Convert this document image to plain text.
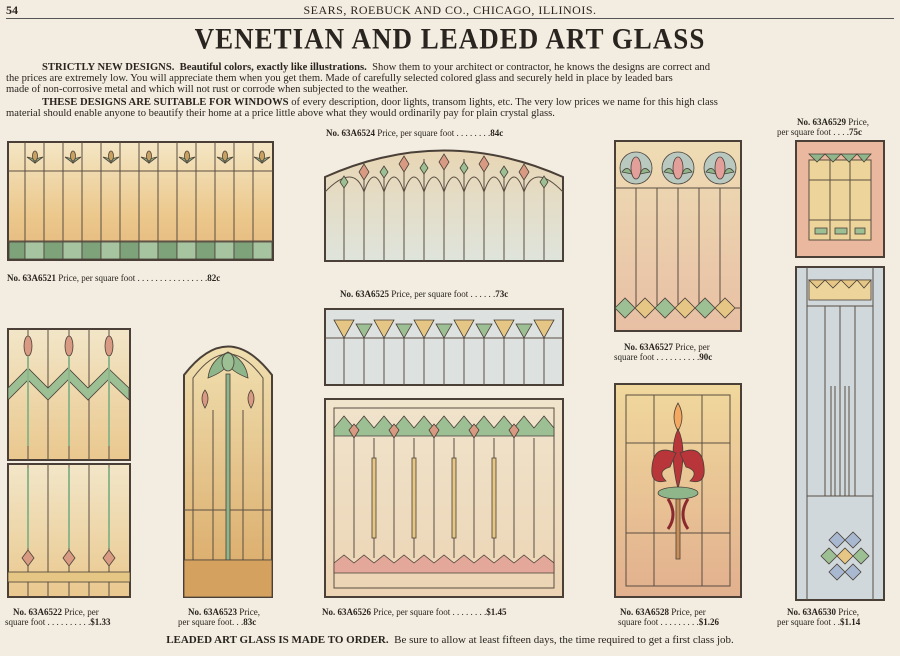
54	SEARS, ROEBUCK AND CO., CHICAGO, ILLINOIS.
VENETIAN AND LEADED ART GLASS
STRICTLY NEW DESIGNS. Beautiful colors, exactly like illustrations. Show them to your architect or contractor, he knows the designs are correct and
the prices are extremely low. You will appreciate them when you get them. Made of carefully selected colored glass and securely held in place by leaded bars
made of non-corrosive metal and which will not rust or corrode when subjected to the weather.
THESE DESIGNS ARE SUITABLE FOR WINDOWS of every description, door lights, transom lights, etc. The very low prices we name for this high class
material should enable anyone to beautify their home at a price little above what they would ordinarily pay for plain crystal glass.
No. 63A6521 Price, per square foot . . . . . . . . . . . . . . . .82c
No. 63A6524 Price, per square foot . . . . . . . .84c
No. 63A6525 Price, per square foot . . . . . .73c
No. 63A6527 Price, per
square foot . . . . . . . . . .90c
No. 63A6529 Price,
per square foot . . . .75c
No. 63A6530 Price,
per square foot . .$1.14
No. 63A6522 Price, per
square foot . . . . . . . . . .$1.33
No. 63A6523 Price,
per square foot. . .83c
No. 63A6526 Price, per square foot . . . . . . . .$1.45	No. 63A6528 Price, per
square foot . . . . . . . . .$1.26
LEADED ART GLASS IS MADE TO ORDER. Be sure to allow at least fifteen days, the time required to get a first class job.
